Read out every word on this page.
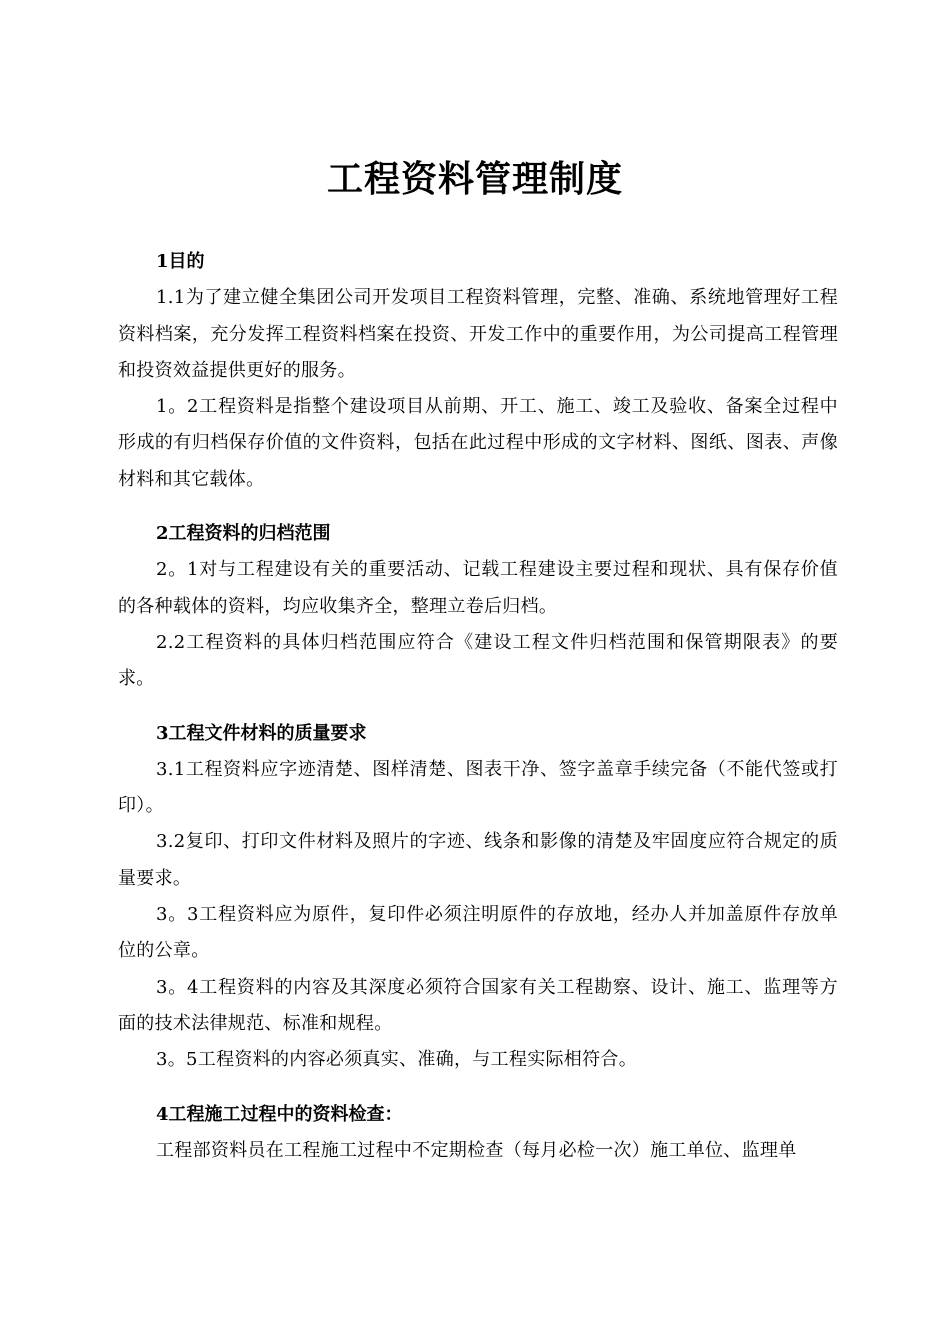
工程资料管理制度

1目的

1.1为了建立健全集团公司开发项目工程资料管理，完整、准确、系统地管理好工程资料档案，充分发挥工程资料档案在投资、开发工作中的重要作用，为公司提高工程管理和投资效益提供更好的服务。

1。2工程资料是指整个建设项目从前期、开工、施工、竣工及验收、备案全过程中形成的有归档保存价值的文件资料，包括在此过程中形成的文字材料、图纸、图表、声像材料和其它载体。

2工程资料的归档范围

2。1对与工程建设有关的重要活动、记载工程建设主要过程和现状、具有保存价值的各种载体的资料，均应收集齐全，整理立卷后归档。

2.2工程资料的具体归档范围应符合《建设工程文件归档范围和保管期限表》的要求。

3工程文件材料的质量要求

3.1工程资料应字迹清楚、图样清楚、图表干净、签字盖章手续完备（不能代签或打印）。

3.2复印、打印文件材料及照片的字迹、线条和影像的清楚及牢固度应符合规定的质量要求。

3。3工程资料应为原件，复印件必须注明原件的存放地，经办人并加盖原件存放单位的公章。

3。4工程资料的内容及其深度必须符合国家有关工程勘察、设计、施工、监理等方面的技术法律规范、标准和规程。

3。5工程资料的内容必须真实、准确，与工程实际相符合。

4工程施工过程中的资料检查：

工程部资料员在工程施工过程中不定期检查（每月必检一次）施工单位、监理单
